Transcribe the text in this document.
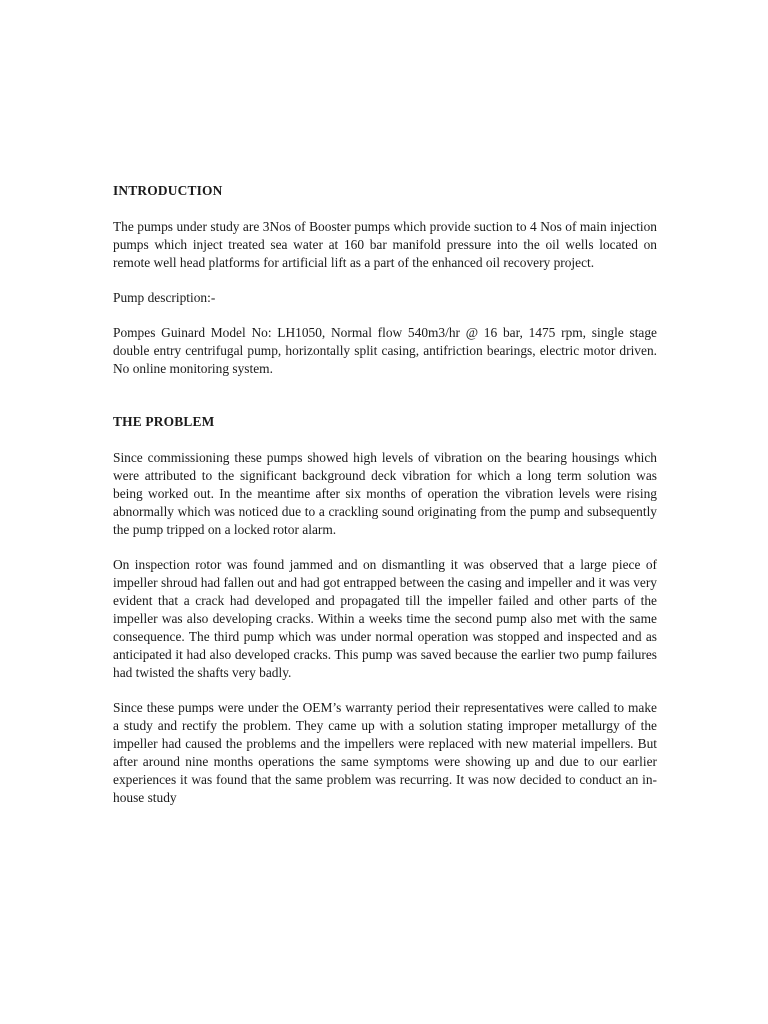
INTRODUCTION

The pumps under study are 3Nos of Booster pumps which provide suction to 4 Nos of main injection pumps which inject treated sea water at 160 bar manifold pressure into the oil wells located on remote well head platforms for artificial lift as a part of the enhanced oil recovery project.

Pump description:-

Pompes Guinard Model No: LH1050, Normal flow 540m3/hr @ 16 bar, 1475 rpm, single stage double entry centrifugal pump, horizontally split casing, antifriction bearings, electric motor driven. No online monitoring system.

THE PROBLEM

Since commissioning these pumps showed high levels of vibration on the bearing housings which were attributed to the significant background deck vibration for which a long term solution was being worked out. In the meantime after six months of operation the vibration levels were rising abnormally which was noticed due to a crackling sound originating from the pump and subsequently the pump tripped on a locked rotor alarm.

On inspection rotor was found jammed and on dismantling it was observed that a large piece of impeller shroud had fallen out and had got entrapped between the casing and impeller and it was very evident that a crack had developed and propagated till the impeller failed and other parts of the impeller was also developing cracks. Within a weeks time the second pump also met with the same consequence. The third pump which was under normal operation was stopped and inspected and as anticipated it had also developed cracks. This pump was saved because the earlier two pump failures had twisted the shafts very badly.

Since these pumps were under the OEM’s warranty period their representatives were called to make a study and rectify the problem. They came up with a solution stating improper metallurgy of the impeller had caused the problems and the impellers were replaced with new material impellers. But after around nine months operations the same symptoms were showing up and due to our earlier experiences it was found that the same problem was recurring. It was now decided to conduct an in-house study
